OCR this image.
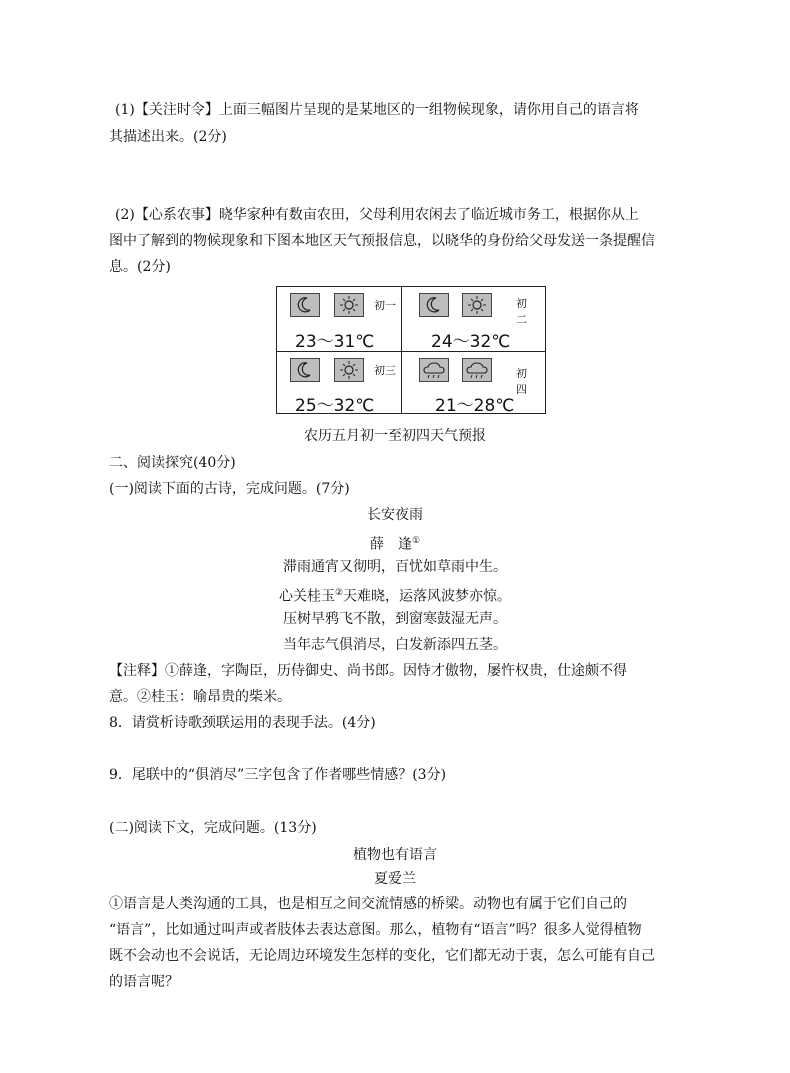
(1)【关注时令】上面三幅图片呈现的是某地区的一组物候现象，请你用自己的语言将
其描述出来。(2分)
(2)【心系农事】晓华家种有数亩农田，父母利用农闲去了临近城市务工，根据你从上
图中了解到的物候现象和下图本地区天气预报信息，以晓华的身份给父母发送一条提醒信
息。(2分)
初一
23～31℃
初二
24～32℃
初三
25～32℃
初四
21～28℃
农历五月初一至初四天气预报
二、阅读探究(40分)
(一)阅读下面的古诗，完成问题。(7分)
长安夜雨
薛　逢①
滞雨通宵又彻明，百忧如草雨中生。
心关桂玉②天难晓，运落风波梦亦惊。
压树早鸦飞不散，到窗寒鼓湿无声。
当年志气俱消尽，白发新添四五茎。
【注释】①薛逢，字陶臣，历侍御史、尚书郎。因恃才傲物，屡忤权贵，仕途颇不得
意。②桂玉：喻昂贵的柴米。
8．请赏析诗歌颈联运用的表现手法。(4分)
9．尾联中的“俱消尽”三字包含了作者哪些情感？(3分)
(二)阅读下文，完成问题。(13分)
植物也有语言
夏爱兰
①语言是人类沟通的工具，也是相互之间交流情感的桥梁。动物也有属于它们自己的
“语言”，比如通过叫声或者肢体去表达意图。那么，植物有“语言”吗？很多人觉得植物
既不会动也不会说话，无论周边环境发生怎样的变化，它们都无动于衷，怎么可能有自己
的语言呢？
